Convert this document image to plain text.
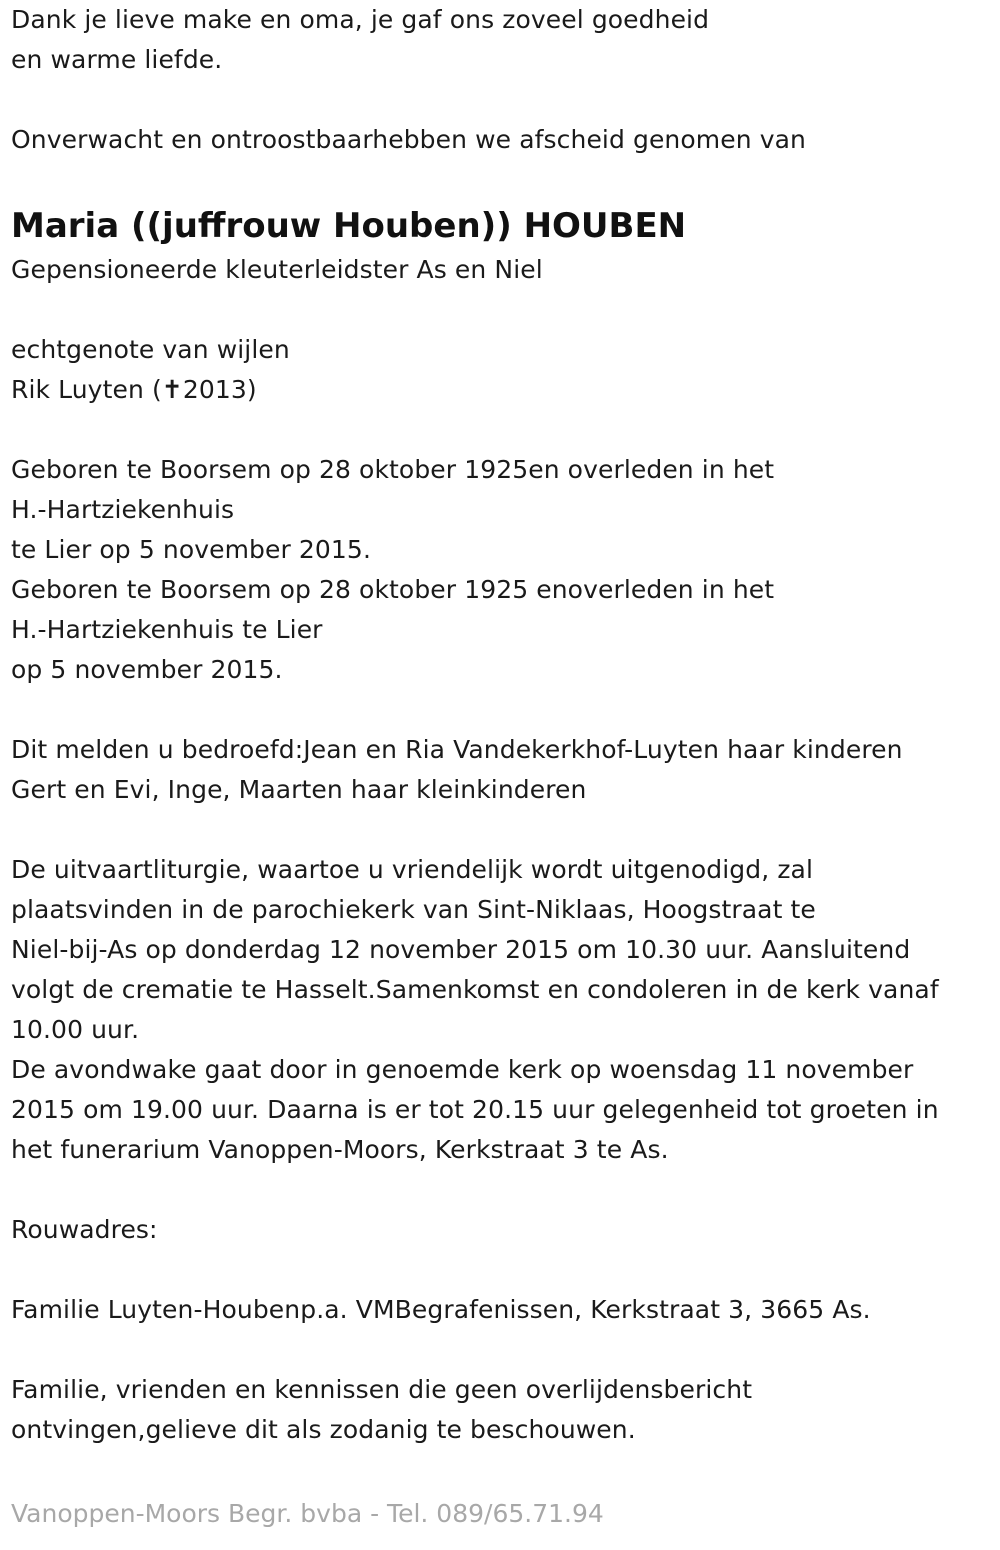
Dank je lieve make en oma, je gaf ons zoveel goedheid
en warme liefde.
Onverwacht en ontroostbaarhebben we afscheid genomen van
Maria ((juffrouw Houben)) HOUBEN
Gepensioneerde kleuterleidster As en Niel
echtgenote van wijlen
Rik Luyten (✝2013)
Geboren te Boorsem op 28 oktober 1925en overleden in het
H.-Hartziekenhuis
te Lier op 5 november 2015.
Geboren te Boorsem op 28 oktober 1925 enoverleden in het
H.-Hartziekenhuis te Lier
op 5 november 2015.
Dit melden u bedroefd:Jean en Ria Vandekerkhof-Luyten haar kinderen
Gert en Evi, Inge, Maarten haar kleinkinderen
De uitvaartliturgie, waartoe u vriendelijk wordt uitgenodigd, zal
plaatsvinden in de parochiekerk van Sint-Niklaas, Hoogstraat te
Niel-bij-As op donderdag 12 november 2015 om 10.30 uur. Aansluitend
volgt de crematie te Hasselt.Samenkomst en condoleren in de kerk vanaf
10.00 uur.
De avondwake gaat door in genoemde kerk op woensdag 11 november
2015 om 19.00 uur. Daarna is er tot 20.15 uur gelegenheid tot groeten in
het funerarium Vanoppen-Moors, Kerkstraat 3 te As.
Rouwadres:
Familie Luyten-Houbenp.a. VMBegrafenissen, Kerkstraat 3, 3665 As.
Familie, vrienden en kennissen die geen overlijdensbericht
ontvingen,gelieve dit als zodanig te beschouwen.
Vanoppen-Moors Begr. bvba - Tel. 089/65.71.94
